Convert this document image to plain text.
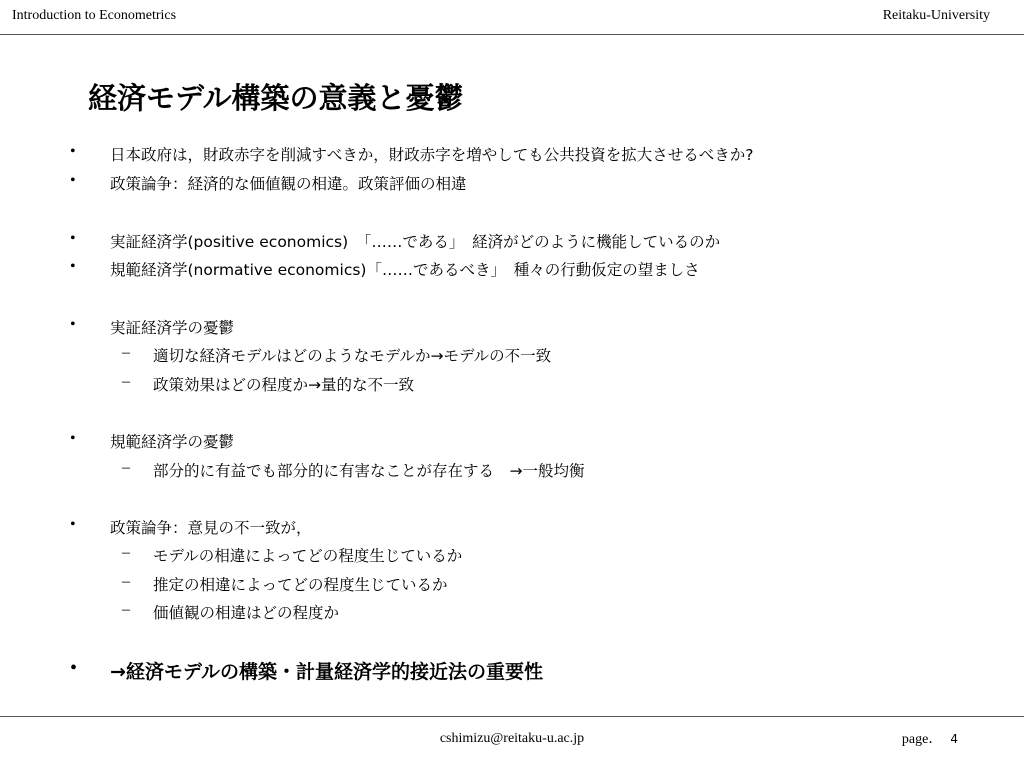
Introduction to Econometrics	Reitaku-University
経済モデル構築の意義と憂鬱
• 日本政府は，財政赤字を削減すべきか，財政赤字を増やしても公共投資を拡大させるべきか?
• 政策論争：経済的な価値観の相違。政策評価の相違
• 実証経済学(positive economics)　「……である」　経済がどのように機能しているのか
• 規範経済学(normative economics)「……であるべき」　種々の行動仮定の望ましさ
• 実証経済学の憂鬱
– 適切な経済モデルはどのようなモデルか→モデルの不一致
– 政策効果はどの程度か→量的な不一致
• 規範経済学の憂鬱
– 部分的に有益でも部分的に有害なことが存在する　→一般均衡
• 政策論争：意見の不一致が，
– モデルの相違によってどの程度生じているか
– 推定の相違によってどの程度生じているか
– 価値観の相違はどの程度か
• →経済モデルの構築・計量経済学的接近法の重要性
cshimizu@reitaku-u.ac.jp	page． 4
